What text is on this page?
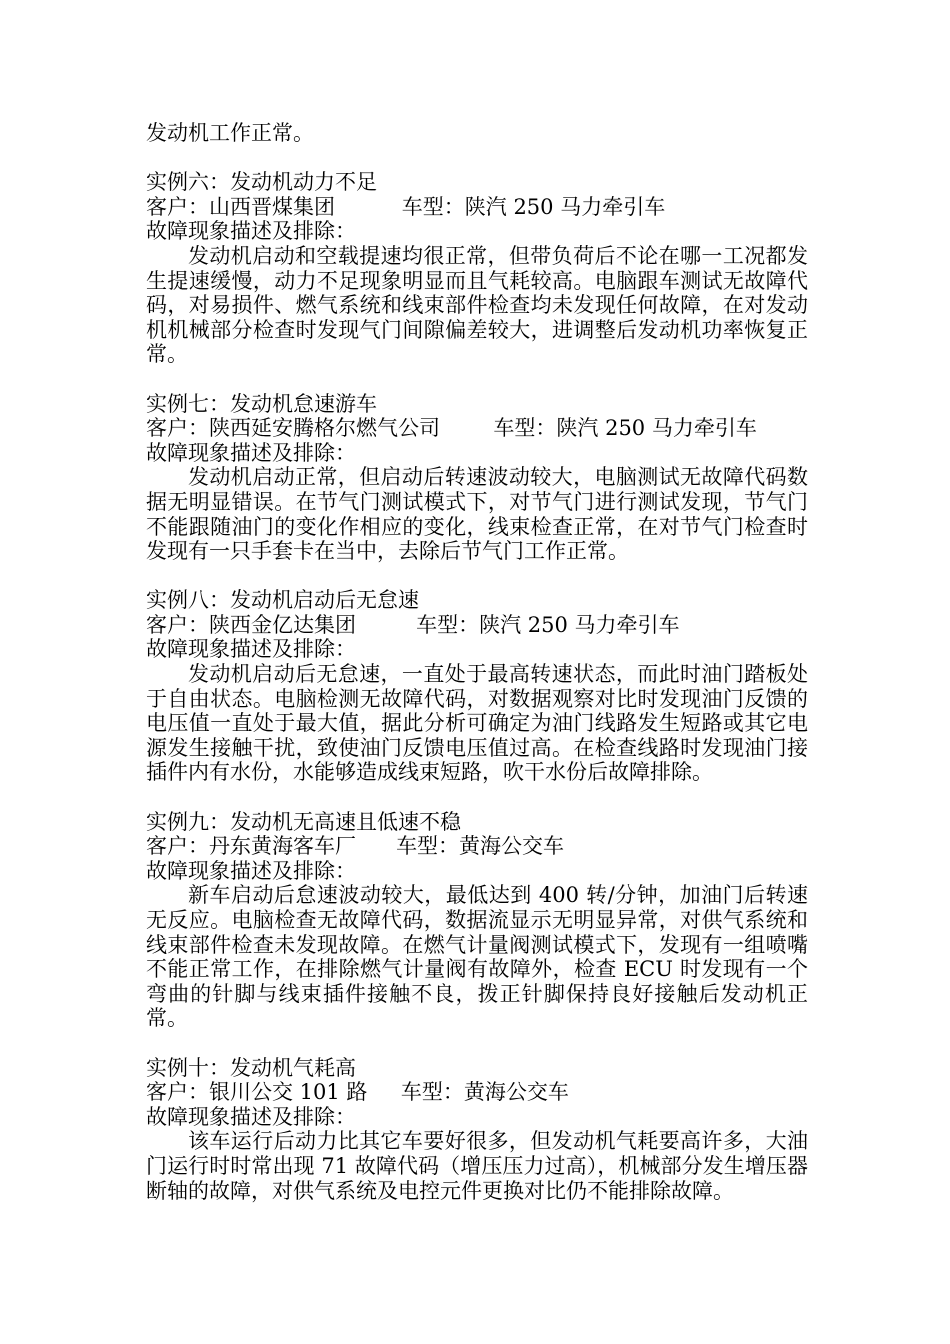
发动机工作正常。

实例六：发动机动力不足

客户：山西晋煤集团	车型：陕汽 250 马力牵引车

故障现象描述及排除：

发动机启动和空载提速均很正常，但带负荷后不论在哪一工况都发生提速缓慢，动力不足现象明显而且气耗较高。电脑跟车测试无故障代码，对易损件、燃气系统和线束部件检查均未发现任何故障，在对发动机机械部分检查时发现气门间隙偏差较大，进调整后发动机功率恢复正常。

实例七：发动机怠速游车

客户：陕西延安腾格尔燃气公司	车型：陕汽 250 马力牵引车

故障现象描述及排除：

发动机启动正常，但启动后转速波动较大，电脑测试无故障代码数据无明显错误。在节气门测试模式下，对节气门进行测试发现，节气门不能跟随油门的变化作相应的变化，线束检查正常，在对节气门检查时发现有一只手套卡在当中，去除后节气门工作正常。

实例八：发动机启动后无怠速

客户：陕西金亿达集团	车型：陕汽 250 马力牵引车

故障现象描述及排除：

发动机启动后无怠速，一直处于最高转速状态，而此时油门踏板处于自由状态。电脑检测无故障代码，对数据观察对比时发现油门反馈的电压值一直处于最大值，据此分析可确定为油门线路发生短路或其它电源发生接触干扰，致使油门反馈电压值过高。在检查线路时发现油门接插件内有水份，水能够造成线束短路，吹干水份后故障排除。

实例九：发动机无高速且低速不稳

客户：丹东黄海客车厂 车型：黄海公交车

故障现象描述及排除：

新车启动后怠速波动较大，最低达到 400 转/分钟，加油门后转速无反应。电脑检查无故障代码，数据流显示无明显异常，对供气系统和线束部件检查未发现故障。在燃气计量阀测试模式下，发现有一组喷嘴不能正常工作，在排除燃气计量阀有故障外，检查 ECU 时发现有一个弯曲的针脚与线束插件接触不良，拨正针脚保持良好接触后发动机正常。

实例十：发动机气耗高

客户：银川公交 101 路 车型：黄海公交车

故障现象描述及排除：

该车运行后动力比其它车要好很多，但发动机气耗要高许多，大油门运行时时常出现 71 故障代码（增压压力过高），机械部分发生增压器断轴的故障，对供气系统及电控元件更换对比仍不能排除故障。
